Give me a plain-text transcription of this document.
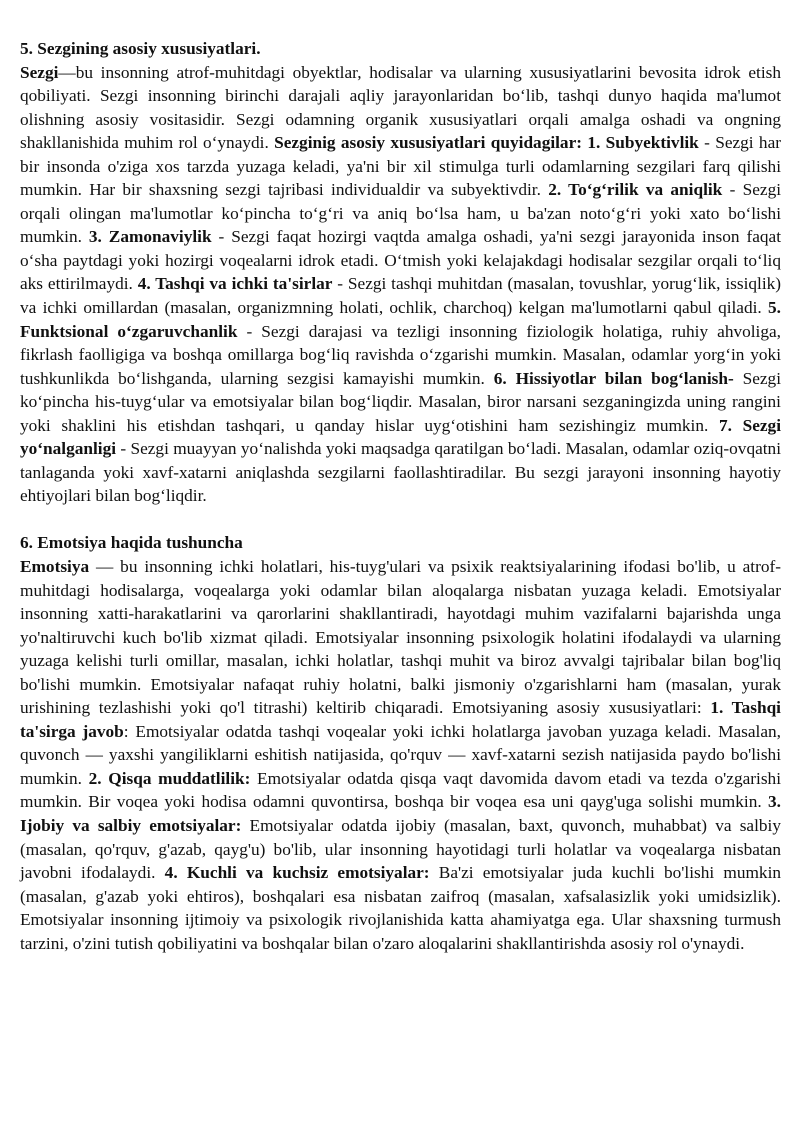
5. Sezgining asosiy xususiyatlari.

Sezgi—bu insonning atrof-muhitdagi obyektlar, hodisalar va ularning xususiyatlarini bevosita idrok etish qobiliyati. Sezgi insonning birinchi darajali aqliy jarayonlaridan bo‘lib, tashqi dunyo haqida ma'lumot olishning asosiy vositasidir. Sezgi odamning organik xususiyatlari orqali amalga oshadi va ongning shakllanishida muhim rol o‘ynaydi. Sezginig asosiy xususiyatlari quyidagilar: 1. Subyektivlik - Sezgi har bir insonda o'ziga xos tarzda yuzaga keladi, ya'ni bir xil stimulga turli odamlarning sezgilari farq qilishi mumkin. Har bir shaxsning sezgi tajribasi individualdir va subyektivdir. 2. To‘g‘rilik va aniqlik - Sezgi orqali olingan ma'lumotlar ko‘pincha to‘g‘ri va aniq bo‘lsa ham, u ba'zan noto‘g‘ri yoki xato bo‘lishi mumkin. 3. Zamonaviylik - Sezgi faqat hozirgi vaqtda amalga oshadi, ya'ni sezgi jarayonida inson faqat o‘sha paytdagi yoki hozirgi voqealarni idrok etadi. O‘tmish yoki kelajakdagi hodisalar sezgilar orqali to‘liq aks ettirilmaydi. 4. Tashqi va ichki ta'sirlar - Sezgi tashqi muhitdan (masalan, tovushlar, yorug‘lik, issiqlik) va ichki omillardan (masalan, organizmning holati, ochlik, charchoq) kelgan ma'lumotlarni qabul qiladi. 5. Funktsional o‘zgaruvchanlik - Sezgi darajasi va tezligi insonning fiziologik holatiga, ruhiy ahvoliga, fikrlash faolligiga va boshqa omillarga bog‘liq ravishda o‘zgarishi mumkin. Masalan, odamlar yorg‘in yoki tushkunlikda bo‘lishganda, ularning sezgisi kamayishi mumkin. 6. Hissiyotlar bilan bog‘lanish- Sezgi ko‘pincha his-tuyg‘ular va emotsiyalar bilan bog‘liqdir. Masalan, biror narsani sezganingizda uning rangini yoki shaklini his etishdan tashqari, u qanday hislar uyg‘otishini ham sezishingiz mumkin. 7. Sezgi yo‘nalganligi - Sezgi muayyan yo‘nalishda yoki maqsadga qaratilgan bo‘ladi. Masalan, odamlar oziq-ovqatni tanlaganda yoki xavf-xatarni aniqlashda sezgilarni faollashtiradilar. Bu sezgi jarayoni insonning hayotiy ehtiyojlari bilan bog‘liqdir.

6. Emotsiya haqida tushuncha

Emotsiya — bu insonning ichki holatlari, his-tuyg'ulari va psixik reaktsiyalarining ifodasi bo'lib, u atrof-muhitdagi hodisalarga, voqealarga yoki odamlar bilan aloqalarga nisbatan yuzaga keladi. Emotsiyalar insonning xatti-harakatlarini va qarorlarini shakllantiradi, hayotdagi muhim vazifalarni bajarishda unga yo'naltiruvchi kuch bo'lib xizmat qiladi. Emotsiyalar insonning psixologik holatini ifodalaydi va ularning yuzaga kelishi turli omillar, masalan, ichki holatlar, tashqi muhit va biroz avvalgi tajribalar bilan bog'liq bo'lishi mumkin. Emotsiyalar nafaqat ruhiy holatni, balki jismoniy o'zgarishlarni ham (masalan, yurak urishining tezlashishi yoki qo'l titrashi) keltirib chiqaradi. Emotsiyaning asosiy xususiyatlari: 1. Tashqi ta'sirga javob: Emotsiyalar odatda tashqi voqealar yoki ichki holatlarga javoban yuzaga keladi. Masalan, quvonch — yaxshi yangiliklarni eshitish natijasida, qo'rquv — xavf-xatarni sezish natijasida paydo bo'lishi mumkin. 2. Qisqa muddatlilik: Emotsiyalar odatda qisqa vaqt davomida davom etadi va tezda o'zgarishi mumkin. Bir voqea yoki hodisa odamni quvontirsa, boshqa bir voqea esa uni qayg'uga solishi mumkin. 3. Ijobiy va salbiy emotsiyalar: Emotsiyalar odatda ijobiy (masalan, baxt, quvonch, muhabbat) va salbiy (masalan, qo'rquv, g'azab, qayg'u) bo'lib, ular insonning hayotidagi turli holatlar va voqealarga nisbatan javobni ifodalaydi. 4. Kuchli va kuchsiz emotsiyalar: Ba'zi emotsiyalar juda kuchli bo'lishi mumkin (masalan, g'azab yoki ehtiros), boshqalari esa nisbatan zaifroq (masalan, xafsalasizlik yoki umidsizlik). Emotsiyalar insonning ijtimoiy va psixologik rivojlanishida katta ahamiyatga ega. Ular shaxsning turmush tarzini, o'zini tutish qobiliyatini va boshqalar bilan o'zaro aloqalarini shakllantirishda asosiy rol o'ynaydi.
